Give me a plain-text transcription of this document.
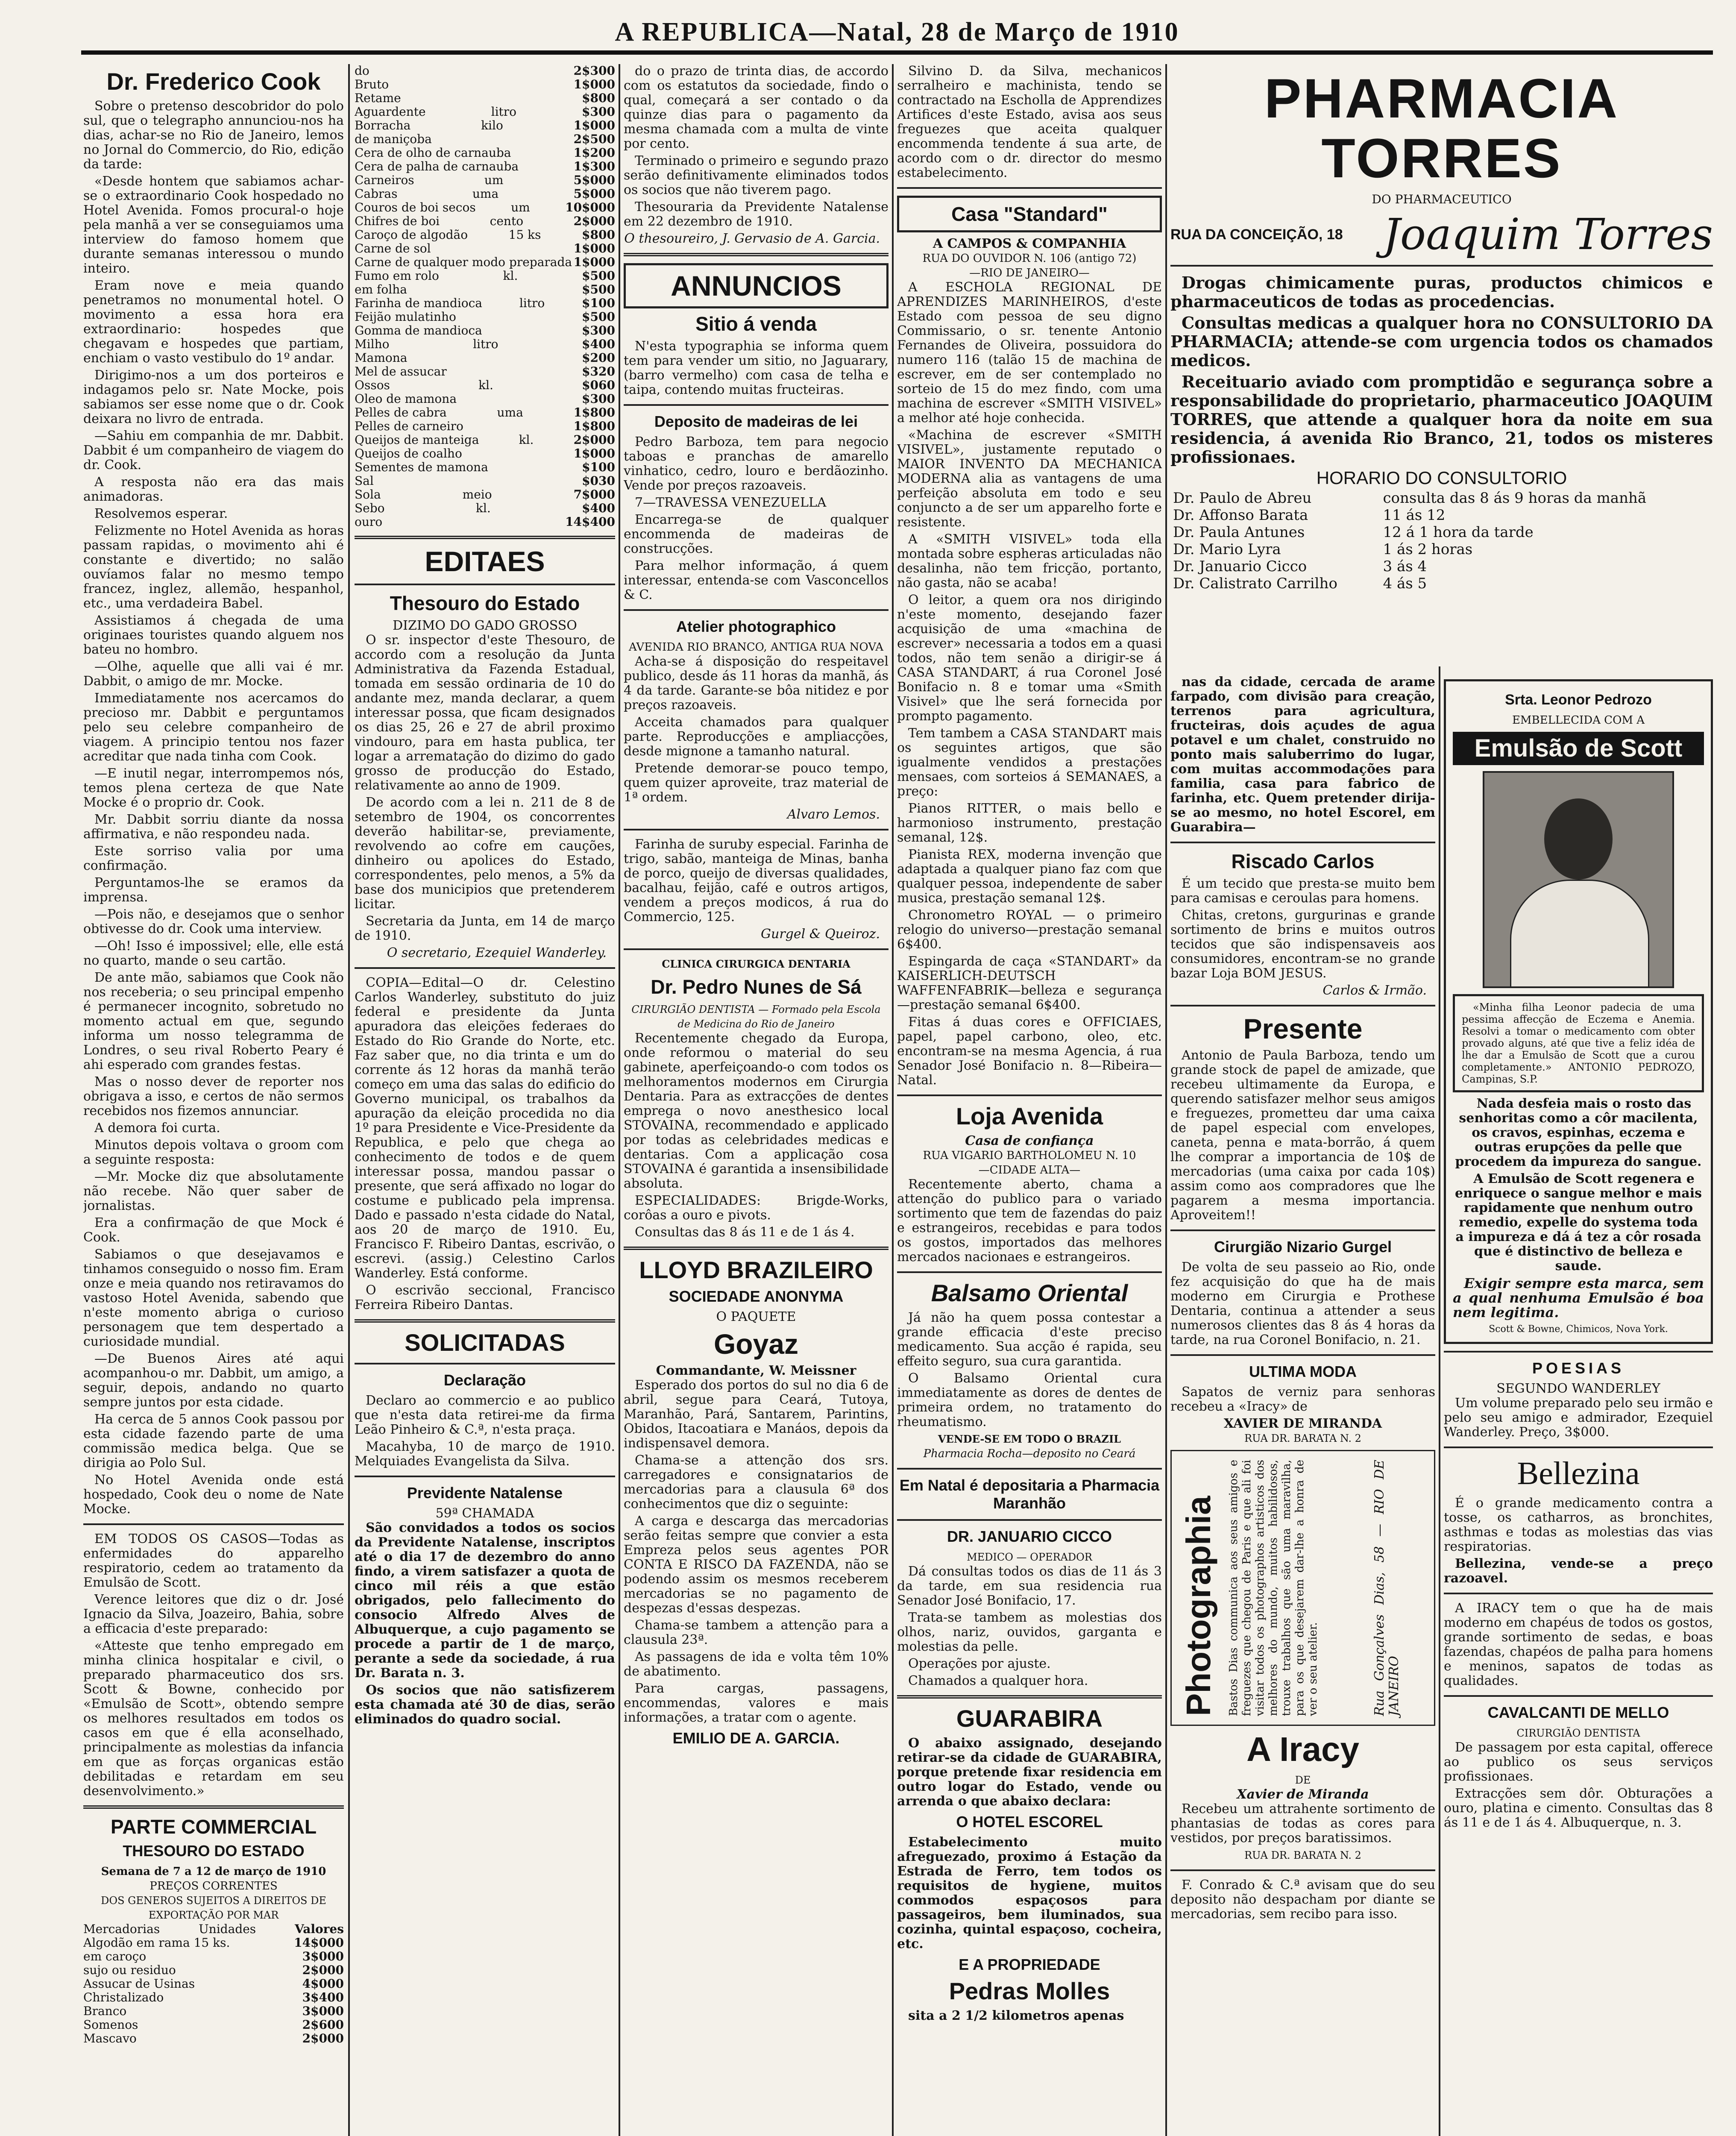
A REPUBLICA—Natal, 28 de Março de 1910
Dr. Frederico Cook

Sobre o pretenso descobridor do polo sul, que o telegrapho annunciou-nos ha dias, achar-se no Rio de Janeiro, lemos no Jornal do Commercio, do Rio, edição da tarde:

«Desde hontem que sabiamos achar-se o extraordinario Cook hospedado no Hotel Avenida. Fomos procural-o hoje pela manhã a ver se conseguiamos uma interview do famoso homem que durante semanas interessou o mundo inteiro.

Eram nove e meia quando penetramos no monumental hotel. O movimento a essa hora era extraordinario: hospedes que chegavam e hospedes que partiam, enchiam o vasto vestibulo do 1º andar.

Dirigimo-nos a um dos porteiros e indagamos pelo sr. Nate Mocke, pois sabiamos ser esse nome que o dr. Cook deixara no livro de entrada.

—Sahiu em companhia de mr. Dabbit. Dabbit é um companheiro de viagem do dr. Cook.

A resposta não era das mais animadoras.

Resolvemos esperar.

Felizmente no Hotel Avenida as horas passam rapidas, o movimento ahi é constante e divertido; no salão ouvíamos falar no mesmo tempo francez, inglez, allemão, hespanhol, etc., uma verdadeira Babel.

Assistiamos á chegada de uma originaes touristes quando alguem nos bateu no hombro.

—Olhe, aquelle que alli vai é mr. Dabbit, o amigo de mr. Mocke.

Immediatamente nos acercamos do precioso mr. Dabbit e perguntamos pelo seu celebre companheiro de viagem. A principio tentou nos fazer acreditar que nada tinha com Cook.

—E inutil negar, interrompemos nós, temos plena certeza de que Nate Mocke é o proprio dr. Cook.

Mr. Dabbit sorriu diante da nossa affirmativa, e não respondeu nada.

Este sorriso valia por uma confirmação.

Perguntamos-lhe se eramos da imprensa.

—Pois não, e desejamos que o senhor obtivesse do dr. Cook uma interview.

—Oh! Isso é impossivel; elle, elle está no quarto, mande o seu cartão.

De ante mão, sabiamos que Cook não nos receberia; o seu principal empenho é permanecer incognito, sobretudo no momento actual em que, segundo informa um nosso telegramma de Londres, o seu rival Roberto Peary é ahi esperado com grandes festas.

Mas o nosso dever de reporter nos obrigava a isso, e certos de não sermos recebidos nos fizemos annunciar.

A demora foi curta.

Minutos depois voltava o groom com a seguinte resposta:

—Mr. Mocke diz que absolutamente não recebe. Não quer saber de jornalistas.

Era a confirmação de que Mock é Cook.

Sabiamos o que desejavamos e tinhamos conseguido o nosso fim. Eram onze e meia quando nos retiravamos do vastoso Hotel Avenida, sabendo que n'este momento abriga o curioso personagem que tem despertado a curiosidade mundial.

—De Buenos Aires até aqui acompanhou-o mr. Dabbit, um amigo, a seguir, depois, andando no quarto sempre juntos por esta cidade.

Ha cerca de 5 annos Cook passou por esta cidade fazendo parte de uma commissão medica belga. Que se dirigia ao Polo Sul.

No Hotel Avenida onde está hospedado, Cook deu o nome de Nate Mocke.

EM TODOS OS CASOS—Todas as enfermidades do apparelho respiratorio, cedem ao tratamento da Emulsão de Scott.

Verence leitores que diz o dr. José Ignacio da Silva, Joazeiro, Bahia, sobre a efficacia d'este preparado:

«Atteste que tenho empregado em minha clinica hospitalar e civil, o preparado pharmaceutico dos srs. Scott & Bowne, conhecido por «Emulsão de Scott», obtendo sempre os melhores resultados em todos os casos em que é ella aconselhado, principalmente as molestias da infancia em que as forças organicas estão debilitadas e retardam em seu desenvolvimento.»

PARTE COMMERCIAL
THESOURO DO ESTADO
Semana de 7 a 12 de março de 1910
PREÇOS CORRENTES
DOS GENEROS SUJEITOS A DIREITOS DE EXPORTAÇÃO POR MAR
Mercadorias	Unidades	Valores
Algodão em rama 15 ks.	14$000
em caroço	3$000
sujo ou residuo	2$000
Assucar de Usinas	4$000
Christalizado	3$400
Branco	3$000
Somenos	2$600
Mascavo	2$000
do	2$300
Bruto	1$000
Retame	$800
Aguardente	litro	$300
Borracha	kilo	1$000
de maniçoba	2$500
Cera de olho de carnauba	1$200
Cera de palha de carnauba	1$300
Carneiros	um	5$000
Cabras	uma	5$000
Couros de boi secos	um	10$000
Chifres de boi	cento	2$000
Caroço de algodão	15 ks	$800
Carne de sol	1$000
Carne de qualquer modo preparada 1$000
Fumo em rolo	kl.	$500
em folha	$500
Farinha de mandioca	litro	$100
Feijão mulatinho	$500
Gomma de mandioca	$300
Milho	litro	$400
Mamona	$200
Mel de assucar	$320
Ossos	kl.	$060
Oleo de mamona	$300
Pelles de cabra	uma	1$800
Pelles de carneiro	1$800
Queijos de manteiga	kl.	2$000
Queijos de coalho	1$000
Sementes de mamona	$100
Sal	$030
Sola	meio	7$000
Sebo	kl.	$400
ouro	14$400
EDITAES
Thesouro do Estado
DIZIMO DO GADO GROSSO

O sr. inspector d'este Thesouro, de accordo com a resolução da Junta Administrativa da Fazenda Estadual, tomada em sessão ordinaria de 10 do andante mez, manda declarar, a quem interessar possa, que ficam designados os dias 25, 26 e 27 de abril proximo vindouro, para em hasta publica, ter logar a arrematação do dizimo do gado grosso de producção do Estado, relativamente ao anno de 1909.

De acordo com a lei n. 211 de 8 de setembro de 1904, os concorrentes deverão habilitar-se, previamente, revolvendo ao cofre em cauções, dinheiro ou apolices do Estado, correspondentes, pelo menos, a 5% da base dos municipios que pretenderem licitar.

Secretaria da Junta, em 14 de março de 1910.

O secretario, Ezequiel Wanderley.

COPIA—Edital—O dr. Celestino Carlos Wanderley, substituto do juiz federal e presidente da Junta apuradora das eleições federaes do Estado do Rio Grande do Norte, etc. Faz saber que, no dia trinta e um do corrente ás 12 horas da manhã terão começo em uma das salas do edificio do Governo municipal, os trabalhos da apuração da eleição procedida no dia 1º para Presidente e Vice-Presidente da Republica, e pelo que chega ao conhecimento de todos e de quem interessar possa, mandou passar o presente, que será affixado no logar do costume e publicado pela imprensa. Dado e passado n'esta cidade do Natal, aos 20 de março de 1910. Eu, Francisco F. Ribeiro Dantas, escrivão, o escrevi. (assig.) Celestino Carlos Wanderley. Está conforme.

O escrivão seccional, Francisco Ferreira Ribeiro Dantas.

SOLICITADAS
Declaração

Declaro ao commercio e ao publico que n'esta data retirei-me da firma Leão Pinheiro & C.ª, n'esta praça.

Macahyba, 10 de março de 1910. Melquiades Evangelista da Silva.

Previdente Natalense
59ª CHAMADA

São convidados a todos os socios da Previdente Natalense, inscriptos até o dia 17 de dezembro do anno findo, a virem satisfazer a quota de cinco mil réis a que estão obrigados, pelo fallecimento do consocio Alfredo Alves de Albuquerque, a cujo pagamento se procede a partir de 1 de março, perante a sede da sociedade, á rua Dr. Barata n. 3.

Os socios que não satisfizerem esta chamada até 30 de dias, serão eliminados do quadro social.

do o prazo de trinta dias, de accordo com os estatutos da sociedade, findo o qual, começará a ser contado o da quinze dias para o pagamento da mesma chamada com a multa de vinte por cento.

Terminado o primeiro e segundo prazo serão definitivamente eliminados todos os socios que não tiverem pago.

Thesouraria da Previdente Natalense em 22 dezembro de 1910.

O thesoureiro, J. Gervasio de A. Garcia.
ANNUNCIOS
Sitio á venda

N'esta typographia se informa quem tem para vender um sitio, no Jaguarary, (barro vermelho) com casa de telha e taipa, contendo muitas fructeiras.

Deposito de madeiras de lei

Pedro Barboza, tem para negocio taboas e pranchas de amarello vinhatico, cedro, louro e berdãozinho. Vende por preços razoaveis.

7—TRAVESSA VENEZUELLA

Encarrega-se de qualquer encommenda de madeiras de construcções.

Para melhor informação, á quem interessar, entenda-se com Vasconcellos & C.

Atelier photographico
AVENIDA RIO BRANCO, ANTIGA RUA NOVA

Acha-se á disposição do respeitavel publico, desde ás 11 horas da manhã, ás 4 da tarde. Garante-se bôa nitidez e por preços razoaveis.

Acceita chamados para qualquer parte. Reproducções e ampliacções, desde mignone a tamanho natural.

Pretende demorar-se pouco tempo, quem quizer aproveite, traz material de 1ª ordem.

Alvaro Lemos.

Farinha de suruby especial. Farinha de trigo, sabão, manteiga de Minas, banha de porco, queijo de diversas qualidades, bacalhau, feijão, café e outros artigos, vendem a preços modicos, á rua do Commercio, 125.

Gurgel & Queiroz.
CLINICA CIRURGICA DENTARIA
Dr. Pedro Nunes de Sá
CIRURGIÃO DENTISTA — Formado pela Escola de Medicina do Rio de Janeiro

Recentemente chegado da Europa, onde reformou o material do seu gabinete, aperfeiçoando-o com todos os melhoramentos modernos em Cirurgia Dentaria. Para as extracções de dentes emprega o novo anesthesico local STOVAINA, recommendado e applicado por todas as celebridades medicas e dentarias. Com a applicação cosa STOVAINA é garantida a insensibilidade absoluta.

ESPECIALIDADES: Brigde-Works, corôas a ouro e pivots.

Consultas das 8 ás 11 e de 1 ás 4.

LLOYD BRAZILEIRO
SOCIEDADE ANONYMA
O PAQUETE
Goyaz
Commandante, W. Meissner

Esperado dos portos do sul no dia 6 de abril, segue para Ceará, Tutoya, Maranhão, Pará, Santarem, Parintins, Obidos, Itacoatiara e Manáos, depois da indispensavel demora.

Chama-se a attenção dos srs. carregadores e consignatarios de mercadorias para a clausula 6ª dos conhecimentos que diz o seguinte:

A carga e descarga das mercadorias serão feitas sempre que convier a esta Empreza pelos seus agentes POR CONTA E RISCO DA FAZENDA, não se podendo assim os mesmos receberem mercadorias se no pagamento de despezas d'essas despezas.

Chama-se tambem a attenção para a clausula 23ª.

As passagens de ida e volta têm 10% de abatimento.

Para cargas, passagens, encommendas, valores e mais informações, a tratar com o agente.

EMILIO DE A. GARCIA.

Silvino D. da Silva, mechanicos serralheiro e machinista, tendo se contractado na Escholla de Apprendizes Artifices d'este Estado, avisa aos seus freguezes que aceita qualquer encommenda tendente á sua arte, de acordo com o dr. director do mesmo estabelecimento.

Casa "Standard"
A CAMPOS & COMPANHIA
RUA DO OUVIDOR N. 106 (antigo 72)
—RIO DE JANEIRO—

A ESCHOLA REGIONAL DE APRENDIZES MARINHEIROS, d'este Estado com pessoa de seu digno Commissario, o sr. tenente Antonio Fernandes de Oliveira, possuidora do numero 116 (talão 15 de machina de escrever, em de ser contemplado no sorteio de 15 do mez findo, com uma machina de escrever «SMITH VISIVEL» a melhor até hoje conhecida.

«Machina de escrever «SMITH VISIVEL», justamente reputado o MAIOR INVENTO DA MECHANICA MODERNA alia as vantagens de uma perfeição absoluta em todo e seu conjuncto a de ser um apparelho forte e resistente.

A «SMITH VISIVEL» toda ella montada sobre espheras articuladas não desalinha, não tem fricção, portanto, não gasta, não se acaba!

O leitor, a quem ora nos dirigindo n'este momento, desejando fazer acquisição de uma «machina de escrever» necessaria a todos em a quasi todos, não tem senão a dirigir-se á CASA STANDART, á rua Coronel José Bonifacio n. 8 e tomar uma «Smith Visivel» que lhe será fornecida por prompto pagamento.

Tem tambem a CASA STANDART mais os seguintes artigos, que são igualmente vendidos a prestações mensaes, com sorteios á SEMANAES, a preço:

Pianos RITTER, o mais bello e harmonioso instrumento, prestação semanal, 12$.

Pianista REX, moderna invenção que adaptada a qualquer piano faz com que qualquer pessoa, independente de saber musica, prestação semanal 12$.

Chronometro ROYAL — o primeiro relogio do universo—prestação semanal 6$400.

Espingarda de caça «STANDART» da KAISERLICH-DEUTSCH WAFFENFABRIK—belleza e segurança—prestação semanal 6$400.

Fitas á duas cores e OFFICIAES, papel, papel carbono, oleo, etc. encontram-se na mesma Agencia, á rua Senador José Bonifacio n. 8—Ribeira—Natal.

Loja Avenida
Casa de confiança
RUA VIGARIO BARTHOLOMEU N. 10
—CIDADE ALTA—

Recentemente aberto, chama a attenção do publico para o variado sortimento que tem de fazendas do paiz e estrangeiros, recebidas e para todos os gostos, importados das melhores mercados nacionaes e estrangeiros.

Balsamo Oriental

Já não ha quem possa contestar a grande efficacia d'este preciso medicamento. Sua acção é rapida, seu effeito seguro, sua cura garantida.

O Balsamo Oriental cura immediatamente as dores de dentes de primeira ordem, no tratamento do rheumatismo.

VENDE-SE EM TODO O BRAZIL
Pharmacia Rocha—deposito no Ceará
Em Natal é depositaria a Pharmacia Maranhão
DR. JANUARIO CICCO
MEDICO — OPERADOR

Dá consultas todos os dias de 11 ás 3 da tarde, em sua residencia rua Senador José Bonifacio, 17.

Trata-se tambem as molestias dos olhos, nariz, ouvidos, garganta e molestias da pelle.

Operações por ajuste.

Chamados a qualquer hora.

GUARABIRA

O abaixo assignado, desejando retirar-se da cidade de GUARABIRA, porque pretende fixar residencia em outro logar do Estado, vende ou arrenda o que abaixo declara:

O HOTEL ESCOREL

Estabelecimento muito afreguezado, proximo á Estação da Estrada de Ferro, tem todos os requisitos de hygiene, muitos commodos espaçosos para passageiros, bem iluminados, sua cozinha, quintal espaçoso, cocheira, etc.

E A PROPRIEDADE
Pedras Molles

sita a 2 1/2 kilometros apenas

PHARMACIA TORRES
DO PHARMACEUTICO
RUA DA CONCEIÇÃO, 18 Joaquim Torres

Drogas chimicamente puras, productos chimicos e pharmaceuticos de todas as procedencias.

Consultas medicas a qualquer hora no CONSULTORIO DA PHARMACIA; attende-se com urgencia todos os chamados medicos.

Receituario aviado com promptidão e segurança sobre a responsabilidade do proprietario, pharmaceutico JOAQUIM TORRES, que attende a qualquer hora da noite em sua residencia, á avenida Rio Branco, 21, todos os misteres profissionaes.

HORARIO DO CONSULTORIO
Dr. Paulo de Abreu	consulta das 8 ás 9 horas da manhã
Dr. Affonso Barata	11 ás 12
Dr. Paula Antunes	12 á 1 hora da tarde
Dr. Mario Lyra	1 ás 2 horas
Dr. Januario Cicco	3 ás 4
Dr. Calistrato Carrilho	4 ás 5

nas da cidade, cercada de arame farpado, com divisão para creação, terrenos para agricultura, fructeiras, dois açudes de agua potavel e um chalet, construido no ponto mais saluberrimo do lugar, com muitas accommodações para familia, casa para fabrico de farinha, etc. Quem pretender dirija-se ao mesmo, no hotel Escorel, em Guarabira—

Riscado Carlos

É um tecido que presta-se muito bem para camisas e ceroulas para homens.

Chitas, cretons, gurgurinas e grande sortimento de brins e muitos outros tecidos que são indispensaveis aos consumidores, encontram-se no grande bazar Loja BOM JESUS.

Carlos & Irmão.
Presente

Antonio de Paula Barboza, tendo um grande stock de papel de amizade, que recebeu ultimamente da Europa, e querendo satisfazer melhor seus amigos e freguezes, prometteu dar uma caixa de papel especial com envelopes, caneta, penna e mata-borrão, á quem lhe comprar a importancia de 10$ de mercadorias (uma caixa por cada 10$) assim como aos compradores que lhe pagarem a mesma importancia. Aproveitem!!

Cirurgião Nizario Gurgel

De volta de seu passeio ao Rio, onde fez acquisição do que ha de mais moderno em Cirurgia e Prothese Dentaria, continua a attender a seus numerosos clientes das 8 ás 4 horas da tarde, na rua Coronel Bonifacio, n. 21.

ULTIMA MODA

Sapatos de verniz para senhoras recebeu a «Iracy» de

XAVIER DE MIRANDA
RUA DR. BARATA N. 2
Photographia Bastos Dias communica aos seus amigos e freguezes que chegou de Paris e que ali foi visitar todos os photographos artisticos dos melhores do mundo, muitos habilidosos, trouxe trabalhos que são uma maravilha, para os que desejarem dar-lhe a honra de ver o seu atelier.	Rua Gonçalves Dias, 58 — RIO DE JANEIRO
A Iracy
DE
Xavier de Miranda

Recebeu um attrahente sortimento de phantasias de todas as cores para vestidos, por preços baratissimos.

RUA DR. BARATA N. 2

F. Conrado & C.ª avisam que do seu deposito não despacham por diante se mercadorias, sem recibo para isso.

Srta. Leonor Pedrozo
EMBELLECIDA COM A
Emulsão de Scott

«Minha filha Leonor padecia de uma pessima affecção de Eczema e Anemia. Resolvi a tomar o medicamento com obter provado alguns, até que tive a feliz idéa de lhe dar a Emulsão de Scott que a curou completamente.» ANTONIO PEDROZO, Campinas, S.P.

Nada desfeia mais o rosto das senhoritas como a côr macilenta, os cravos, espinhas, eczema e outras erupções da pelle que procedem da impureza do sangue.

A Emulsão de Scott regenera e enriquece o sangue melhor e mais rapidamente que nenhum outro remedio, expelle do systema toda a impureza e dá á tez a côr rosada que é distinctivo de belleza e saude.

Exigir sempre esta marca, sem a qual nenhuma Emulsão é boa nem legitima.

Scott & Bowne, Chimicos, Nova York.
POESIAS
SEGUNDO WANDERLEY

Um volume preparado pelo seu irmão e pelo seu amigo e admirador, Ezequiel Wanderley. Preço, 3$000.

Bellezina

É o grande medicamento contra a tosse, os catharros, as bronchites, asthmas e todas as molestias das vias respiratorias.

Bellezina, vende-se a preço razoavel.

A IRACY tem o que ha de mais moderno em chapéus de todos os gostos, grande sortimento de sedas, e boas fazendas, chapéos de palha para homens e meninos, sapatos de todas as qualidades.

CAVALCANTI DE MELLO
CIRURGIÃO DENTISTA

De passagem por esta capital, offerece ao publico os seus serviços profissionaes.

Extracções sem dôr. Obturações a ouro, platina e cimento. Consultas das 8 ás 11 e de 1 ás 4. Albuquerque, n. 3.
